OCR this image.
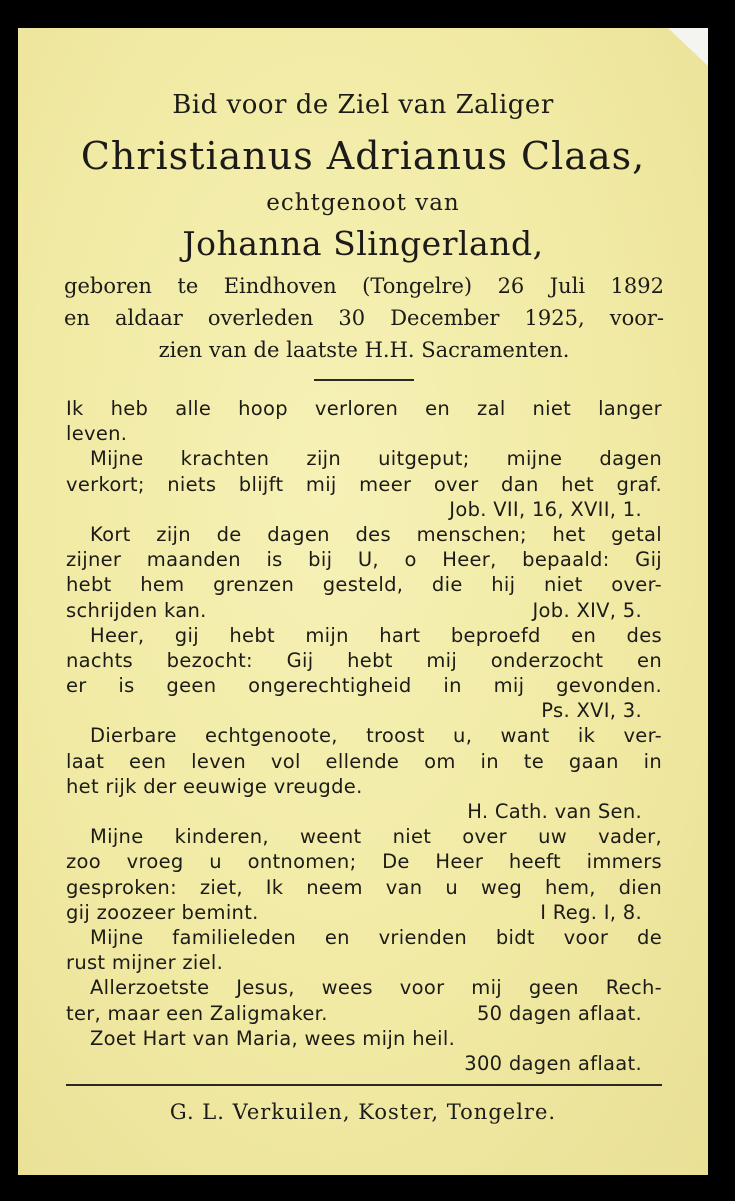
Bid voor de Ziel van Zaliger
Christianus Adrianus Claas,
echtgenoot van
Johanna Slingerland,
geboren te Eindhoven (Tongelre) 26 Juli 1892
en aldaar overleden 30 December 1925, voor-
zien van de laatste H.H. Sacramenten.
Ik heb alle hoop verloren en zal niet langer
leven.
Mijne krachten zijn uitgeput; mijne dagen
verkort; niets blijft mij meer over dan het graf.
Job. VII, 16, XVII, 1.
Kort zijn de dagen des menschen; het getal
zijner maanden is bij U, o Heer, bepaald: Gij
hebt hem grenzen gesteld, die hij niet over-
schrijden kan.	Job. XIV, 5.
Heer, gij hebt mijn hart beproefd en des
nachts bezocht: Gij hebt mij onderzocht en
er is geen ongerechtigheid in mij gevonden.
Ps. XVI, 3.
Dierbare echtgenoote, troost u, want ik ver-
laat een leven vol ellende om in te gaan in
het rijk der eeuwige vreugde.
H. Cath. van Sen.
Mijne kinderen, weent niet over uw vader,
zoo vroeg u ontnomen; De Heer heeft immers
gesproken: ziet, Ik neem van u weg hem, dien
gij zoozeer bemint.	I Reg. I, 8.
Mijne familieleden en vrienden bidt voor de
rust mijner ziel.
Allerzoetste Jesus, wees voor mij geen Rech-
ter, maar een Zaligmaker.	50 dagen aflaat.
Zoet Hart van Maria, wees mijn heil.
300 dagen aflaat.
G. L. Verkuilen, Koster, Tongelre.
